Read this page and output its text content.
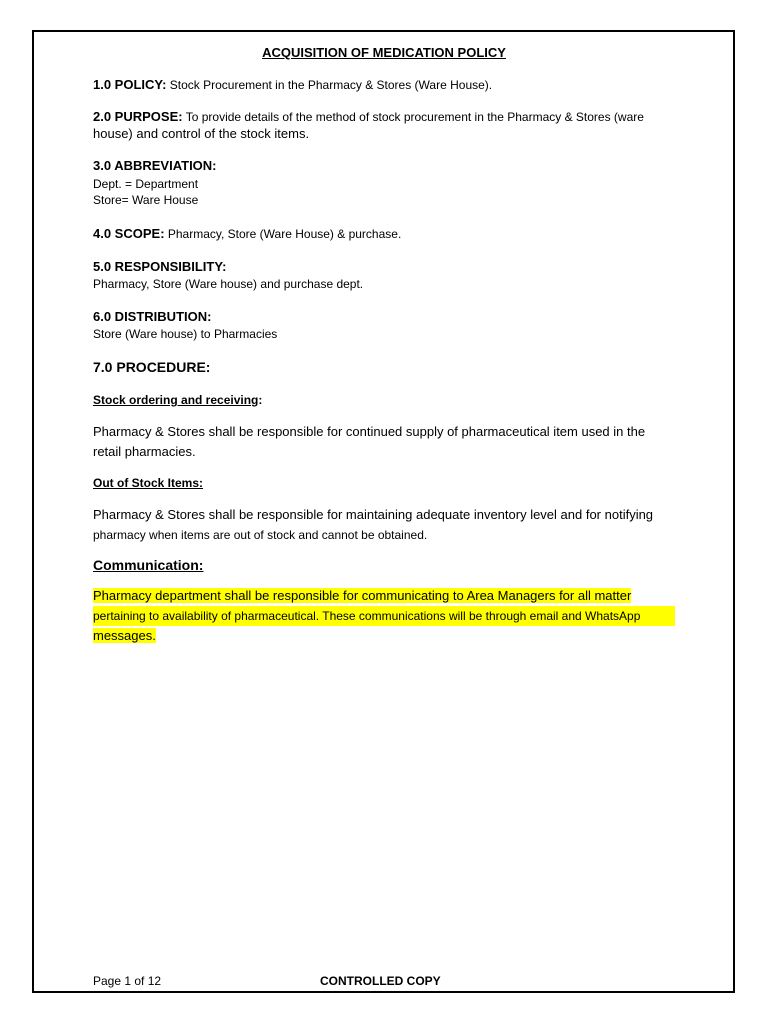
ACQUISITION OF MEDICATION POLICY
1.0 POLICY: Stock Procurement in the Pharmacy & Stores (Ware House).
2.0 PURPOSE: To provide details of the method of stock procurement in the Pharmacy & Stores (ware
house) and control of the stock items.
3.0 ABBREVIATION:
Dept. = Department
Store= Ware House
4.0 SCOPE: Pharmacy, Store (Ware House) & purchase.
5.0 RESPONSIBILITY:
Pharmacy, Store (Ware house) and purchase dept.
6.0 DISTRIBUTION:
Store (Ware house) to Pharmacies
7.0 PROCEDURE:
Stock ordering and receiving:
Pharmacy & Stores shall be responsible for continued supply of pharmaceutical item used in the
retail pharmacies.
Out of Stock Items:
Pharmacy & Stores shall be responsible for maintaining adequate inventory level and for notifying
pharmacy when items are out of stock and cannot be obtained.
Communication:
Pharmacy department shall be responsible for communicating to Area Managers for all matter
pertaining to availability of pharmaceutical. These communications will be through email and WhatsApp
messages.
Page 1 of 12	CONTROLLED COPY
